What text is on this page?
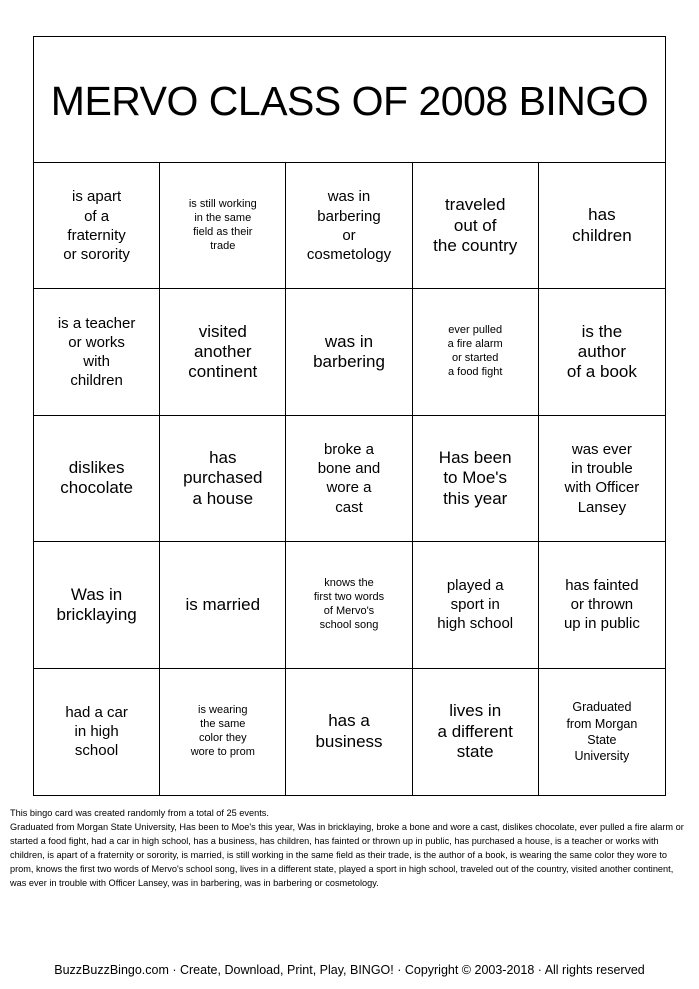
MERVO CLASS OF 2008 BINGO
is apart
of a
fraternity
or sorority
is still working
in the same
field as their
trade
was in
barbering
or
cosmetology
traveled
out of
the country
has
children
is a teacher
or works
with
children
visited
another
continent
was in
barbering
ever pulled
a fire alarm
or started
a food fight
is the
author
of a book
dislikes
chocolate
has
purchased
a house
broke a
bone and
wore a
cast
Has been
to Moe's
this year
was ever
in trouble
with Officer
Lansey
Was in
bricklaying
is married
knows the
first two words
of Mervo's
school song
played a
sport in
high school
has fainted
or thrown
up in public
had a car
in high
school
is wearing
the same
color they
wore to prom
has a
business
lives in
a different
state
Graduated
from Morgan
State
University

This bingo card was created randomly from a total of 25 events.

Graduated from Morgan State University, Has been to Moe's this year, Was in bricklaying, broke a bone and wore a cast, dislikes chocolate, ever pulled a fire alarm or started a food fight, had a car in high school, has a business, has children, has fainted or thrown up in public, has purchased a house, is a teacher or works with children, is apart of a fraternity or sorority, is married, is still working in the same field as their trade, is the author of a book, is wearing the same color they wore to prom, knows the first two words of Mervo's school song, lives in a different state, played a sport in high school, traveled out of the country, visited another continent, was ever in trouble with Officer Lansey, was in barbering, was in barbering or cosmetology.

BuzzBuzzBingo.com · Create, Download, Print, Play, BINGO! · Copyright © 2003-2018 · All rights reserved
